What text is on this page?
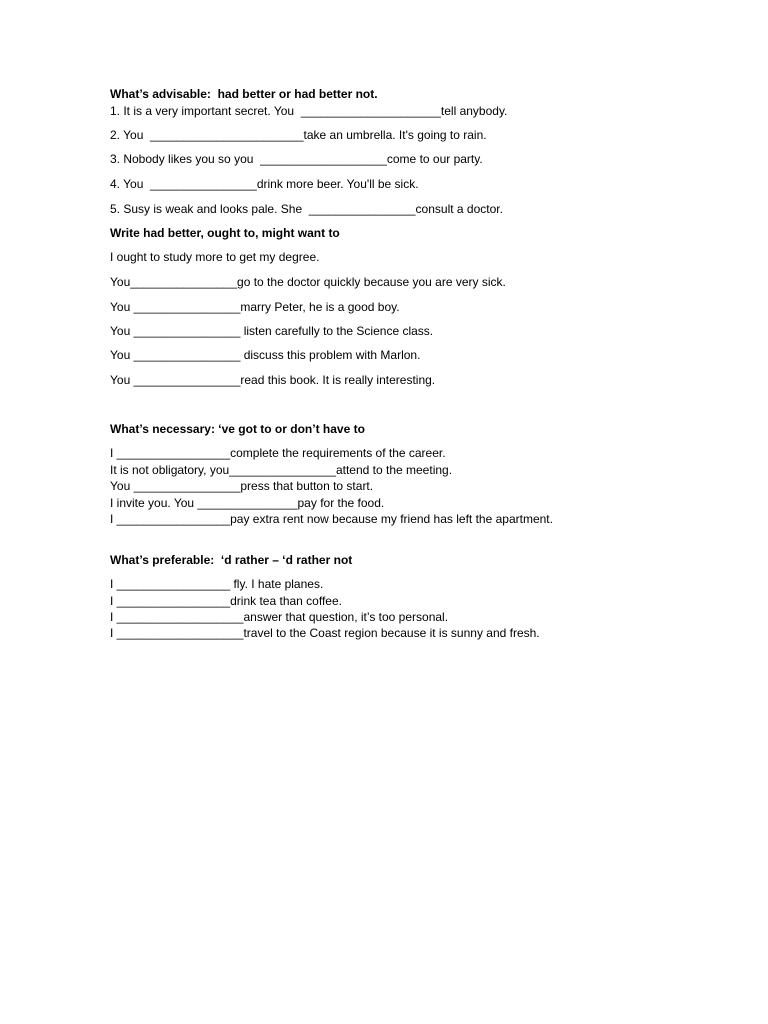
What’s advisable:  had better or had better not.

1. It is a very important secret. You  _____________________tell anybody.

2. You  _______________________take an umbrella. It's going to rain.

3. Nobody likes you so you  ___________________come to our party.

4. You  ________________drink more beer. You'll be sick.

5. Susy is weak and looks pale. She  ________________consult a doctor.

Write had better, ought to, might want to

I ought to study more to get my degree.

You________________go to the doctor quickly because you are very sick.

You ________________marry Peter, he is a good boy.

You ________________ listen carefully to the Science class.

You ________________ discuss this problem with Marlon.

You ________________read this book. It is really interesting.

What’s necessary: ‘ve got to or don’t have to

I _________________complete the requirements of the career.

It is not obligatory, you________________attend to the meeting.

You ________________press that button to start.

I invite you. You _______________pay for the food.

I _________________pay extra rent now because my friend has left the apartment.

What’s preferable:  ‘d rather – ‘d rather not

I _________________ fly. I hate planes.

I _________________drink tea than coffee.

I ___________________answer that question, it’s too personal.

I ___________________travel to the Coast region because it is sunny and fresh.
